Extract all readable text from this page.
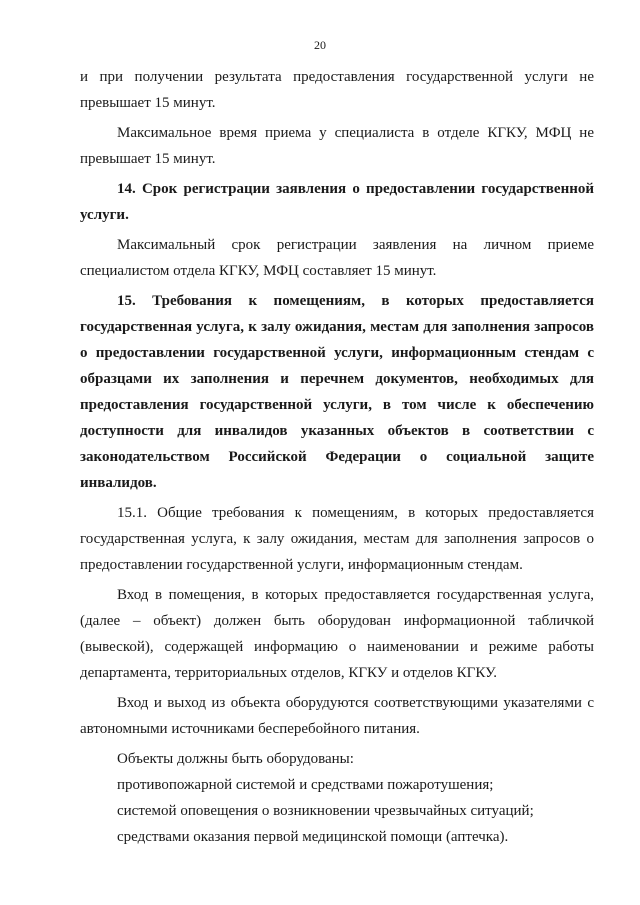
20

и при получении результата предоставления государственной услуги не превышает 15 минут.

Максимальное время приема у специалиста в отделе КГКУ, МФЦ не превышает 15 минут.

14. Срок регистрации заявления о предоставлении государственной услуги.

Максимальный срок регистрации заявления на личном приеме специалистом отдела КГКУ, МФЦ составляет 15 минут.

15. Требования к помещениям, в которых предоставляется государственная услуга, к залу ожидания, местам для заполнения запросов о предоставлении государственной услуги, информационным стендам с образцами их заполнения и перечнем документов, необходимых для предоставления государственной услуги, в том числе к обеспечению доступности для инвалидов указанных объектов в соответствии с законодательством Российской Федерации о социальной защите инвалидов.

15.1. Общие требования к помещениям, в которых предоставляется государственная услуга, к залу ожидания, местам для заполнения запросов о предоставлении государственной услуги, информационным стендам.

Вход в помещения, в которых предоставляется государственная услуга, (далее – объект) должен быть оборудован информационной табличкой (вывеской), содержащей информацию о наименовании и режиме работы департамента, территориальных отделов, КГКУ и отделов КГКУ.

Вход и выход из объекта оборудуются соответствующими указателями с автономными источниками бесперебойного питания.

Объекты должны быть оборудованы:

противопожарной системой и средствами пожаротушения;

системой оповещения о возникновении чрезвычайных ситуаций;

средствами оказания первой медицинской помощи (аптечка).
